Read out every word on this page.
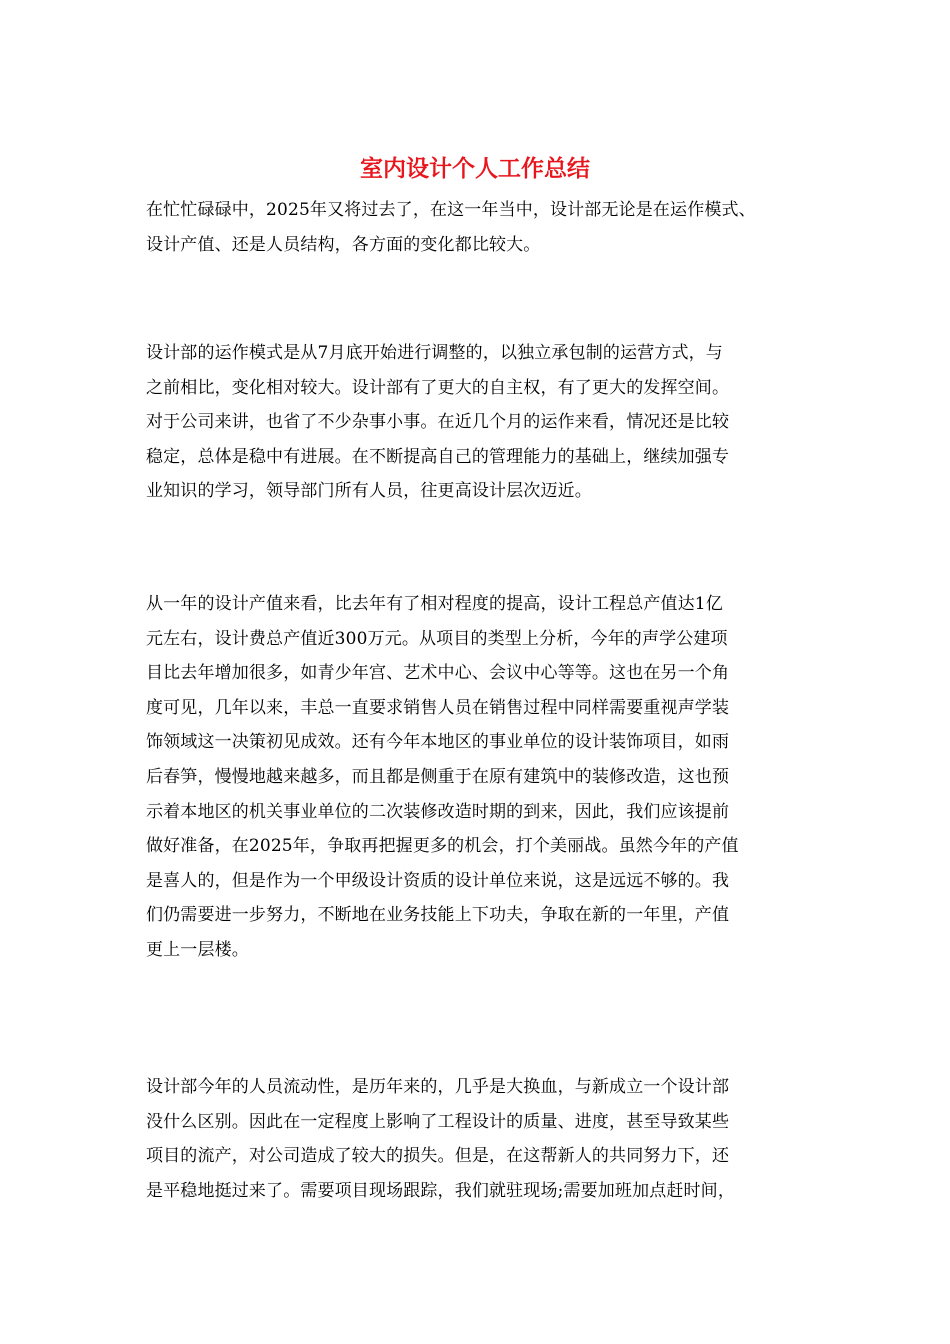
室内设计个人工作总结
在忙忙碌碌中，2025年又将过去了，在这一年当中，设计部无论是在运作模式、
设计产值、还是人员结构，各方面的变化都比较大。
设计部的运作模式是从7月底开始进行调整的，以独立承包制的运营方式，与
之前相比，变化相对较大。设计部有了更大的自主权，有了更大的发挥空间。
对于公司来讲，也省了不少杂事小事。在近几个月的运作来看，情况还是比较
稳定，总体是稳中有进展。在不断提高自己的管理能力的基础上，继续加强专
业知识的学习，领导部门所有人员，往更高设计层次迈近。
从一年的设计产值来看，比去年有了相对程度的提高，设计工程总产值达1亿
元左右，设计费总产值近300万元。从项目的类型上分析，今年的声学公建项
目比去年增加很多，如青少年宫、艺术中心、会议中心等等。这也在另一个角
度可见，几年以来，丰总一直要求销售人员在销售过程中同样需要重视声学装
饰领域这一决策初见成效。还有今年本地区的事业单位的设计装饰项目，如雨
后春笋，慢慢地越来越多，而且都是侧重于在原有建筑中的装修改造，这也预
示着本地区的机关事业单位的二次装修改造时期的到来，因此，我们应该提前
做好准备，在2025年，争取再把握更多的机会，打个美丽战。虽然今年的产值
是喜人的，但是作为一个甲级设计资质的设计单位来说，这是远远不够的。我
们仍需要进一步努力，不断地在业务技能上下功夫，争取在新的一年里，产值
更上一层楼。
设计部今年的人员流动性，是历年来的，几乎是大换血，与新成立一个设计部
没什么区别。因此在一定程度上影响了工程设计的质量、进度，甚至导致某些
项目的流产，对公司造成了较大的损失。但是，在这帮新人的共同努力下，还
是平稳地挺过来了。需要项目现场跟踪，我们就驻现场;需要加班加点赶时间，
